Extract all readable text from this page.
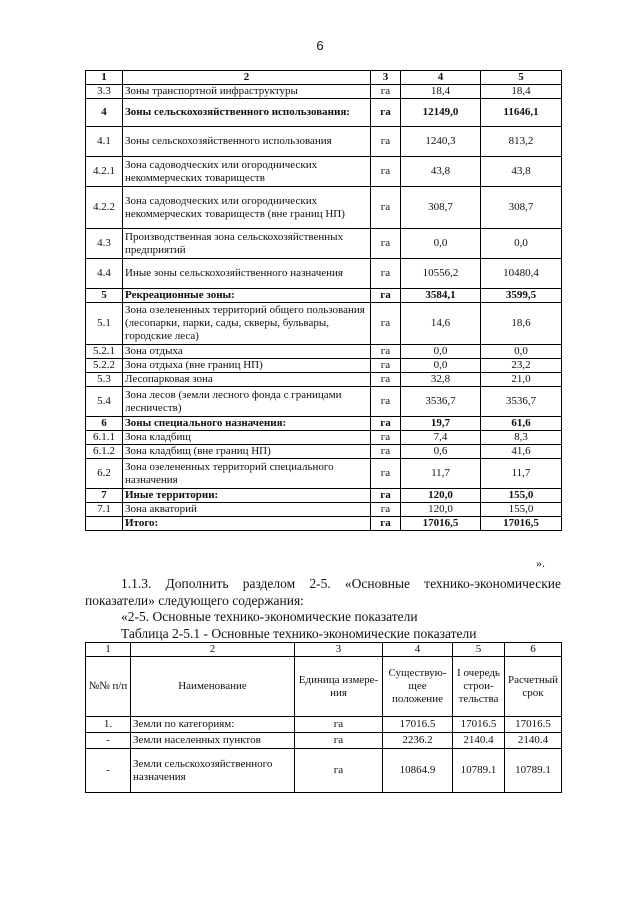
6
1	2	3	4	5
3.3	Зоны транспортной инфраструктуры	га	18,4	18,4
4	Зоны сельскохозяйственного использования:	га	12149,0	11646,1
4.1	Зоны сельскохозяйственного использования	га	1240,3	813,2
4.2.1	Зона садоводческих или огороднических некоммерческих товариществ	га	43,8	43,8
4.2.2	Зона садоводческих или огороднических некоммерческих товариществ (вне границ НП)	га	308,7	308,7
4.3	Производственная зона сельскохозяйственных предприятий	га	0,0	0,0
4.4	Иные зоны сельскохозяйственного назначения	га	10556,2	10480,4
5	Рекреационные зоны:	га	3584,1	3599,5
5.1	Зона озелененных территорий общего пользования (лесопарки, парки, сады, скверы, бульвары, городские леса)	га	14,6	18,6
5.2.1	Зона отдыха	га	0,0	0,0
5.2.2	Зона отдыха (вне границ НП)	га	0,0	23,2
5.3	Лесопарковая зона	га	32,8	21,0
5.4	Зона лесов (земли лесного фонда с границами лесничеств)	га	3536,7	3536,7
6	Зоны специального назначения:	га	19,7	61,6
6.1.1	Зона кладбищ	га	7,4	8,3
6.1.2	Зона кладбищ (вне границ НП)	га	0,6	41,6
6.2	Зона озелененных территорий специального назначения	га	11,7	11,7
7	Иные территории:	га	120,0	155,0
7.1	Зона акваторий	га	120,0	155,0
	Итого:	га	17016,5	17016,5
».
1.1.3. Дополнить разделом 2-5. «Основные технико-экономические показатели» следующего содержания:
«2-5. Основные технико-экономические показатели
Таблица 2-5.1 - Основные технико-экономические показатели
1	2	3	4	5	6
№№ п/п	Наименование	Единица измере-ния	Существую-щее положение	I очередь строи-тельства	Расчетный срок
1.	Земли по категориям:	га	17016.5	17016.5	17016.5
-	Земли населенных пунктов	га	2236.2	2140.4	2140.4
-	Земли сельскохозяйственного назначения	га	10864.9	10789.1	10789.1
